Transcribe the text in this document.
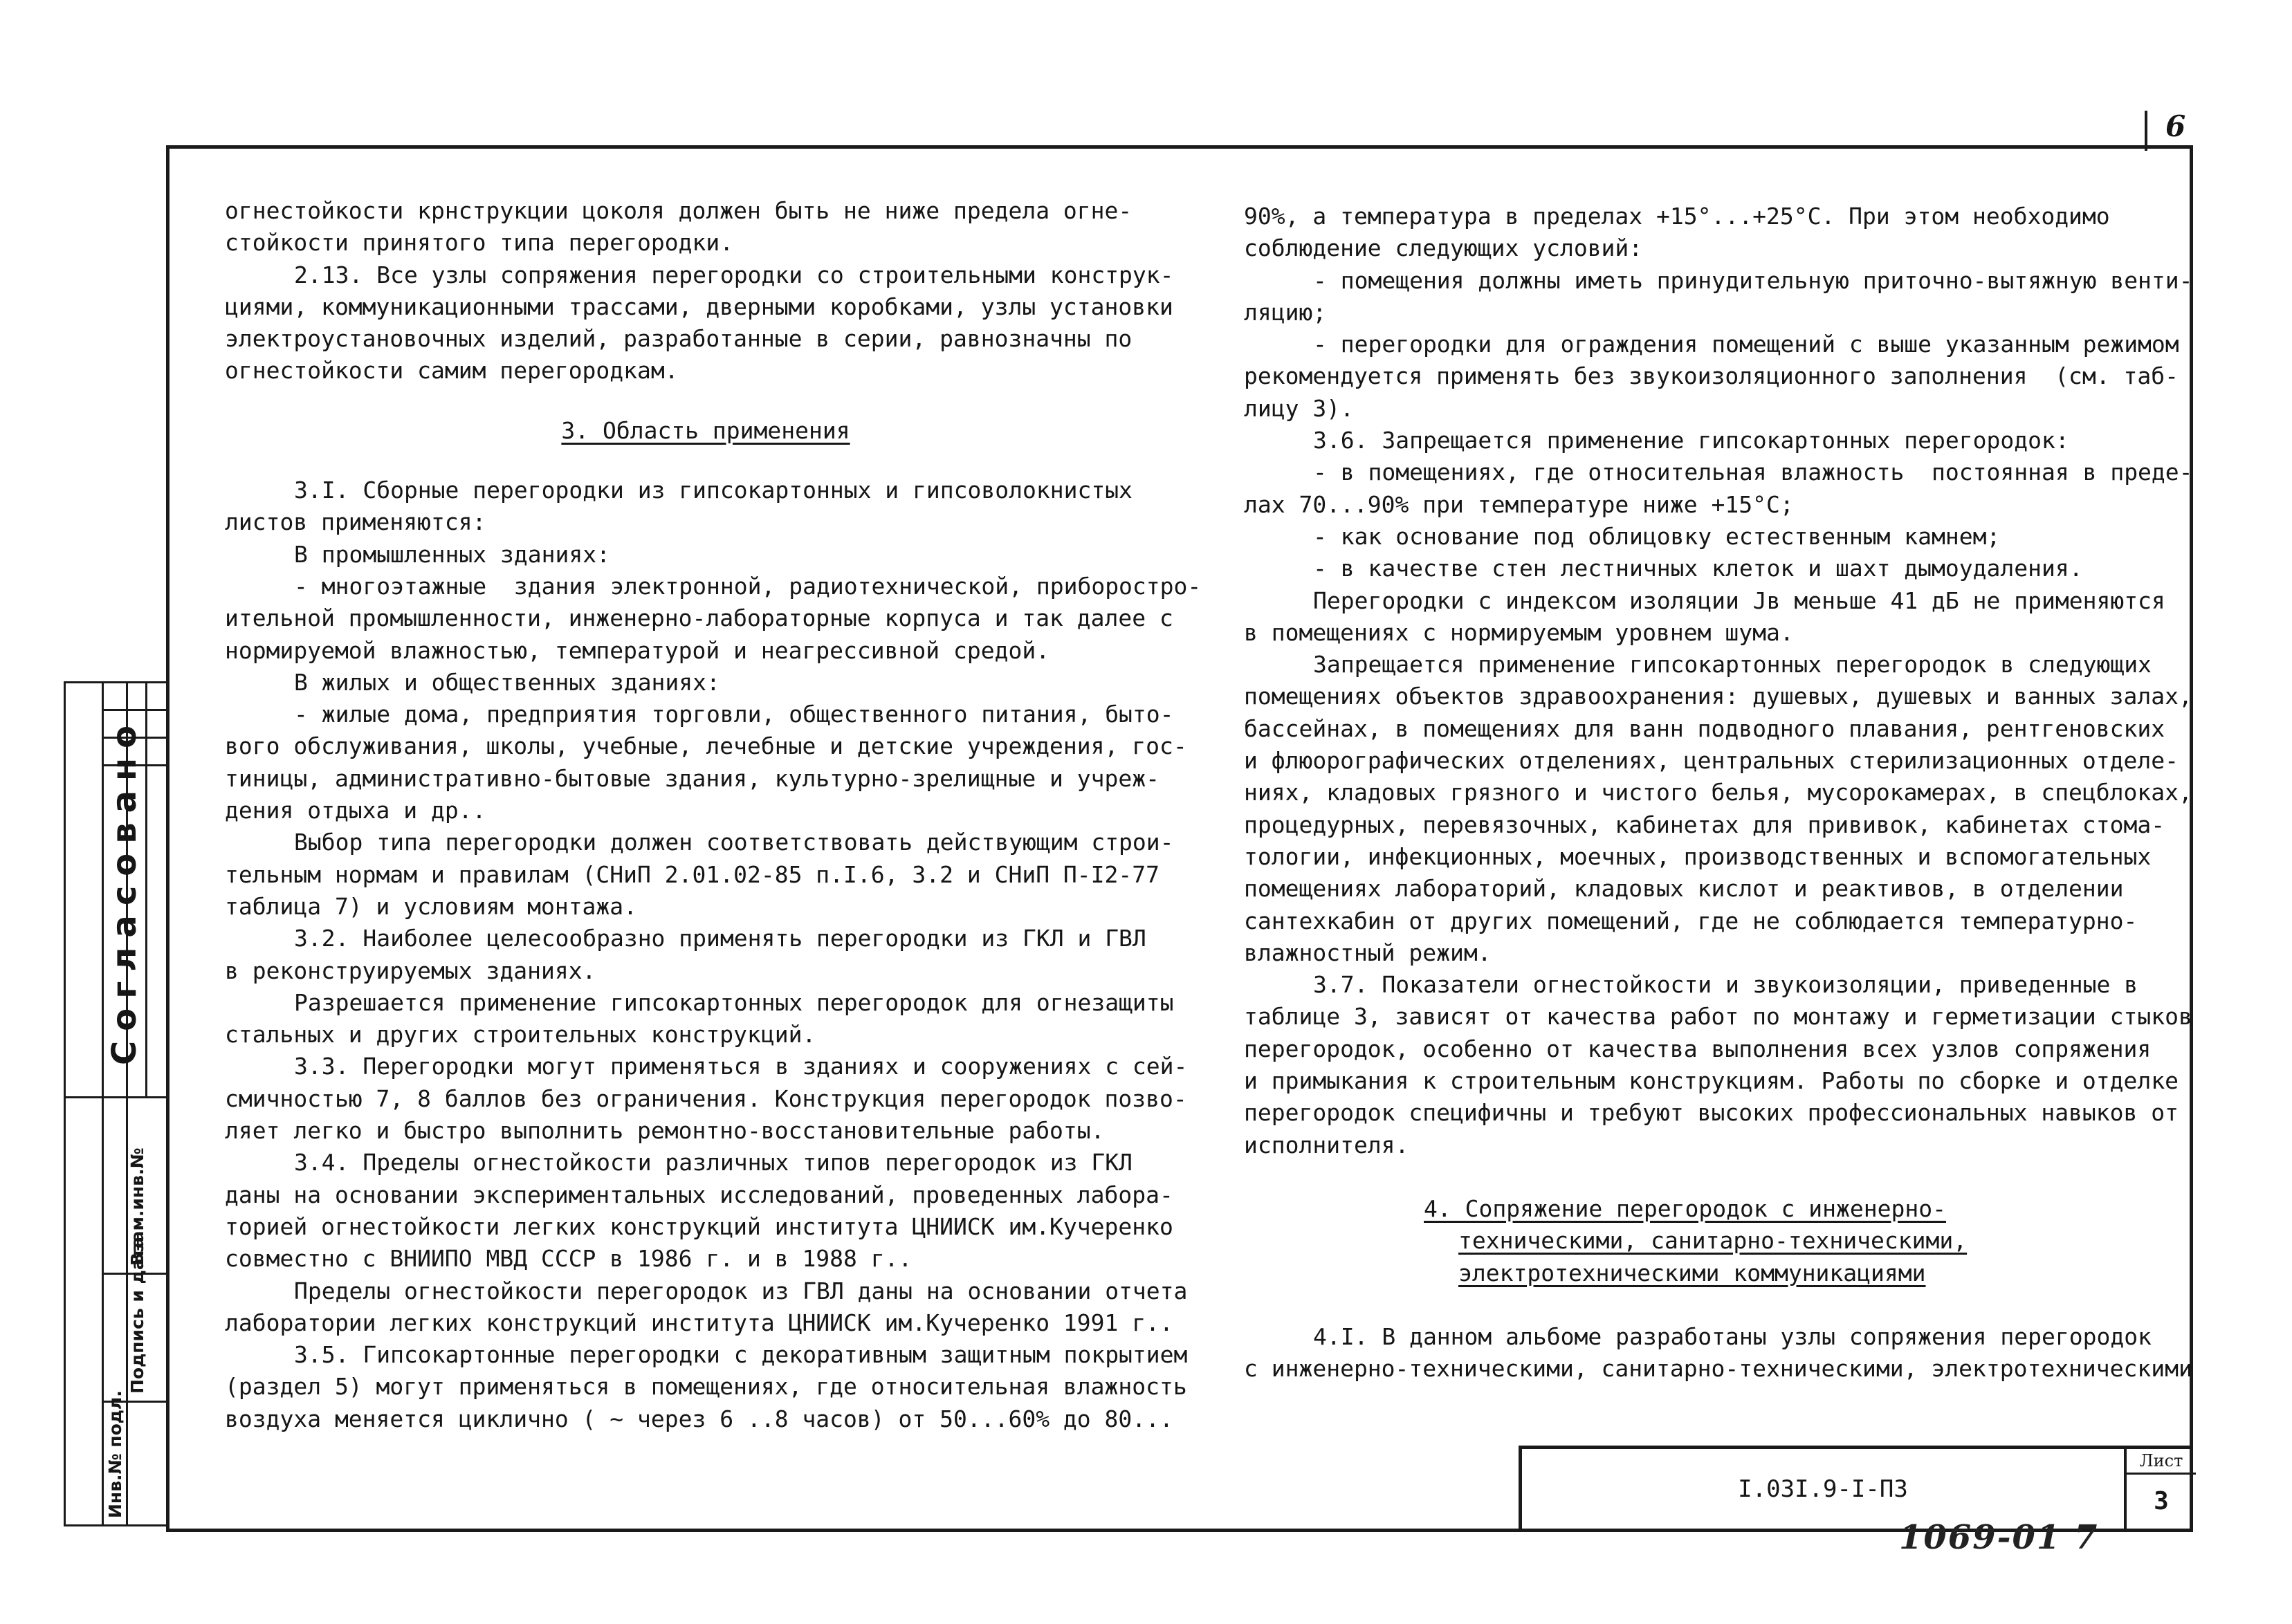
6

огнестойкости крнструкции цоколя должен быть не ниже предела огне-

стойкости принятого типа перегородки.

2.13. Все узлы сопряжения перегородки со строительными конструк-

циями, коммуникационными трассами, дверными коробками, узлы установки

электроустановочных изделий, разработанные в серии, равнозначны по

огнестойкости самим перегородкам.

3. Область применения

3.I. Сборные перегородки из гипсокартонных и гипсоволокнистых

листов применяются:

В промышленных зданиях:

- многоэтажные  здания электронной, радиотехнической, приборостро-

ительной промышленности, инженерно-лабораторные корпуса и так далее с

нормируемой влажностью, температурой и неагрессивной средой.

В жилых и общественных зданиях:

- жилые дома, предприятия торговли, общественного питания, быто-

вого обслуживания, школы, учебные, лечебные и детские учреждения, гос-

тиницы, административно-бытовые здания, культурно-зрелищные и учреж-

дения отдыха и др..

Выбор типа перегородки должен соответствовать действующим строи-

тельным нормам и правилам (СНиП 2.01.02-85 п.I.6, 3.2 и СНиП П-I2-77

таблица 7) и условиям монтажа.

3.2. Наиболее целесообразно применять перегородки из ГКЛ и ГВЛ

в реконструируемых зданиях.

Разрешается применение гипсокартонных перегородок для огнезащиты

стальных и других строительных конструкций.

3.3. Перегородки могут применяться в зданиях и сооружениях с сей-

смичностью 7, 8 баллов без ограничения. Конструкция перегородок позво-

ляет легко и быстро выполнить ремонтно-восстановительные работы.

3.4. Пределы огнестойкости различных типов перегородок из ГКЛ

даны на основании экспериментальных исследований, проведенных лабора-

торией огнестойкости легких конструкций института ЦНИИСК им.Кучеренко

совместно с ВНИИПО МВД СССР в 1986 г. и в 1988 г..

Пределы огнестойкости перегородок из ГВЛ даны на основании отчета

лаборатории легких конструкций института ЦНИИСК им.Кучеренко 1991 г..

3.5. Гипсокартонные перегородки с декоративным защитным покрытием

(раздел 5) могут применяться в помещениях, где относительная влажность

воздуха меняется циклично ( ~ через 6 ..8 часов) от 50...60% до 80...

90%, а температура в пределах +15°...+25°С. При этом необходимо

соблюдение следующих условий:

- помещения должны иметь принудительную приточно-вытяжную венти-

ляцию;

- перегородки для ограждения помещений с выше указанным режимом

рекомендуется применять без звукоизоляционного заполнения  (см. таб-

лицу 3).

3.6. Запрещается применение гипсокартонных перегородок:

- в помещениях, где относительная влажность  постоянная в преде-

лах 70...90% при температуре ниже +15°С;

- как основание под облицовку естественным камнем;

- в качестве стен лестничных клеток и шахт дымоудаления.

Перегородки с индексом изоляции Jв меньше 41 дБ не применяются

в помещениях с нормируемым уровнем шума.

Запрещается применение гипсокартонных перегородок в следующих

помещениях объектов здравоохранения: душевых, душевых и ванных залах,

бассейнах, в помещениях для ванн подводного плавания, рентгеновских

и флюорографических отделениях, центральных стерилизационных отделе-

ниях, кладовых грязного и чистого белья, мусорокамерах, в спецблоках,

процедурных, перевязочных, кабинетах для прививок, кабинетах стома-

тологии, инфекционных, моечных, производственных и вспомогательных

помещениях лабораторий, кладовых кислот и реактивов, в отделении

сантехкабин от других помещений, где не соблюдается температурно-

влажностный режим.

3.7. Показатели огнестойкости и звукоизоляции, приведенные в

таблице 3, зависят от качества работ по монтажу и герметизации стыков

перегородок, особенно от качества выполнения всех узлов сопряжения

и примыкания к строительным конструкциям. Работы по сборке и отделке

перегородок специфичны и требуют высоких профессиональных навыков от

исполнителя.

4. Сопряжение перегородок с инженерно-

техническими, санитарно-техническими,

электротехническими коммуникациями

4.I. В данном альбоме разработаны узлы сопряжения перегородок

с инженерно-техническими, санитарно-техническими, электротехническими

Согласовано
Инв.№ подл.
Подпись и дата
Взам.инв.№
I.03I.9-I-ПЗ
Лист
3
1069-01 7
